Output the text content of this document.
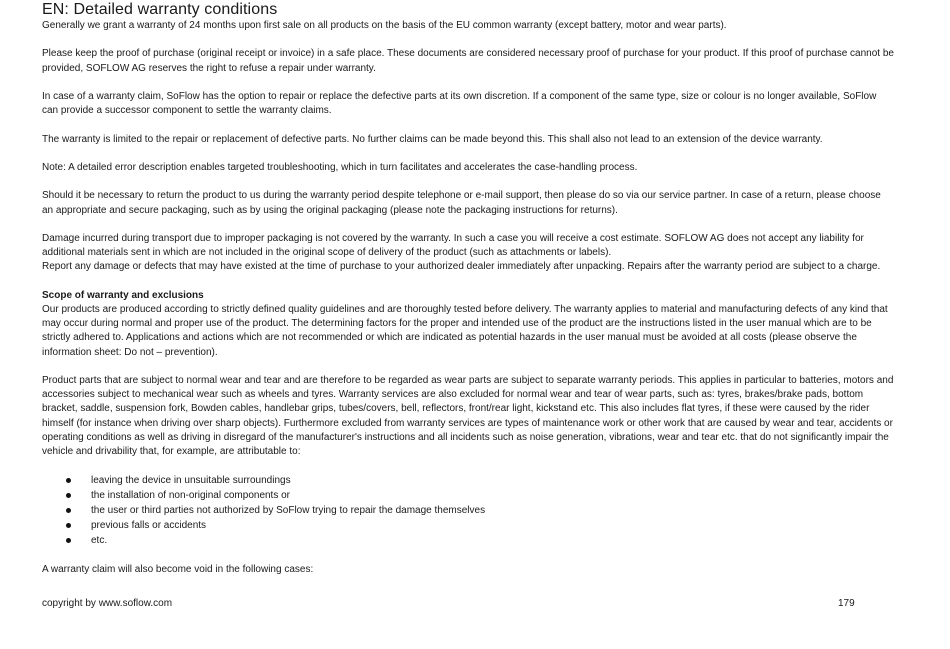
EN: Detailed warranty conditions

Generally we grant a warranty of 24 months upon first sale on all products on the basis of the EU common warranty (except battery, motor and wear parts).

Please keep the proof of purchase (original receipt or invoice) in a safe place. These documents are considered necessary proof of purchase for your product. If this proof of purchase cannot be provided, SOFLOW AG reserves the right to refuse a repair under warranty.

In case of a warranty claim, SoFlow has the option to repair or replace the defective parts at its own discretion. If a component of the same type, size or colour is no longer available, SoFlow can provide a successor component to settle the warranty claims.

The warranty is limited to the repair or replacement of defective parts. No further claims can be made beyond this. This shall also not lead to an extension of the device warranty.

Note: A detailed error description enables targeted troubleshooting, which in turn facilitates and accelerates the case-handling process.

Should it be necessary to return the product to us during the warranty period despite telephone or e-mail support, then please do so via our service partner. In case of a return, please choose an appropriate and secure packaging, such as by using the original packaging (please note the packaging instructions for returns).

Damage incurred during transport due to improper packaging is not covered by the warranty. In such a case you will receive a cost estimate. SOFLOW AG does not accept any liability for additional materials sent in which are not included in the original scope of delivery of the product (such as attachments or labels).

Report any damage or defects that may have existed at the time of purchase to your authorized dealer immediately after unpacking. Repairs after the warranty period are subject to a charge.

Scope of warranty and exclusions

Our products are produced according to strictly defined quality guidelines and are thoroughly tested before delivery. The warranty applies to material and manufacturing defects of any kind that may occur during normal and proper use of the product. The determining factors for the proper and intended use of the product are the instructions listed in the user manual which are to be strictly adhered to. Applications and actions which are not recommended or which are indicated as potential hazards in the user manual must be avoided at all costs (please observe the information sheet: Do not – prevention).

Product parts that are subject to normal wear and tear and are therefore to be regarded as wear parts are subject to separate warranty periods. This applies in particular to batteries, motors and accessories subject to mechanical wear such as wheels and tyres. Warranty services are also excluded for normal wear and tear of wear parts, such as: tyres, brakes/brake pads, bottom bracket, saddle, suspension fork, Bowden cables, handlebar grips, tubes/covers, bell, reflectors, front/rear light, kickstand etc. This also includes flat tyres, if these were caused by the rider himself (for instance when driving over sharp objects). Furthermore excluded from warranty services are types of maintenance work or other work that are caused by wear and tear, accidents or operating conditions as well as driving in disregard of the manufacturer's instructions and all incidents such as noise generation, vibrations, wear and tear etc. that do not significantly impair the vehicle and drivability that, for example, are attributable to:

leaving the device in unsuitable surroundings
the installation of non-original components or
the user or third parties not authorized by SoFlow trying to repair the damage themselves
previous falls or accidents
etc.

A warranty claim will also become void in the following cases:

copyright by www.soflow.com	179
